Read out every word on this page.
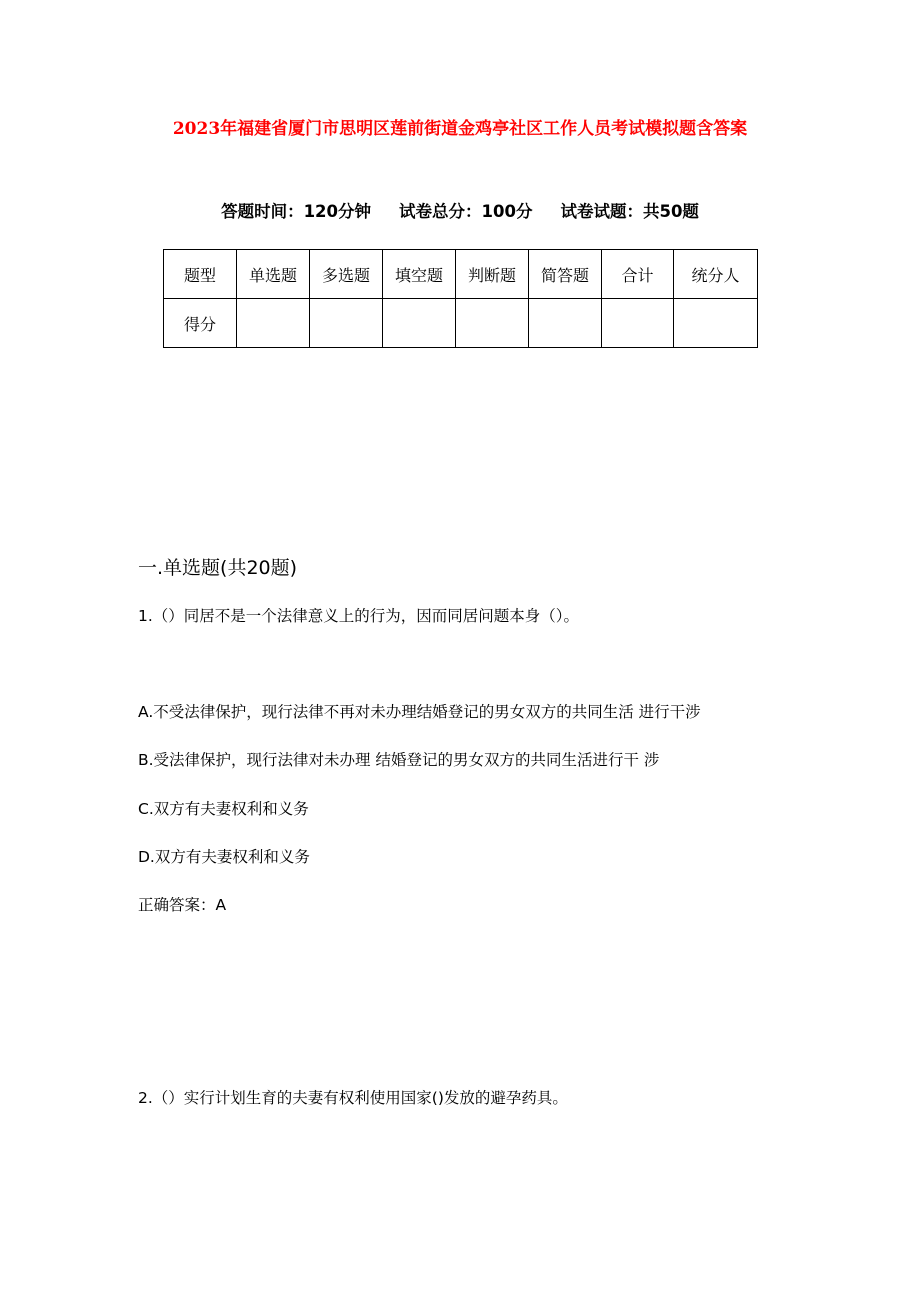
2023年福建省厦门市思明区莲前街道金鸡亭社区工作人员考试模拟题含答案
答题时间：120分钟 试卷总分：100分 试卷试题：共50题
题型	单选题	多选题	填空题	判断题	简答题	合计	统分人
得分							
一.单选题(共20题)
1.（）同居不是一个法律意义上的行为，因而同居问题本身（）。
A.不受法律保护，现行法律不再对未办理结婚登记的男女双方的共同生活 进行干涉
B.受法律保护，现行法律对未办理 结婚登记的男女双方的共同生活进行干 涉
C.双方有夫妻权利和义务
D.双方有夫妻权利和义务
正确答案：A
2.（）实行计划生育的夫妻有权利使用国家()发放的避孕药具。
